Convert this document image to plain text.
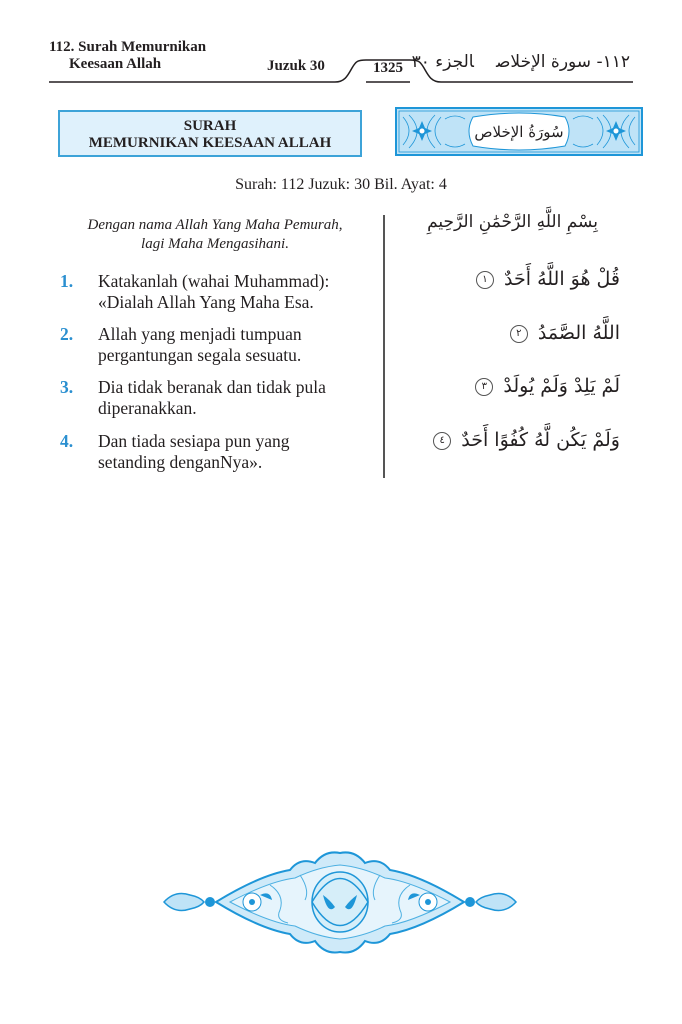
112. Surah Memurnikan

Keesaan Allah	Juzuk 30	1325	١١٢- سورة الإخلاصالجزء ٣٠
SURAH
MEMURNIKAN KEESAAN ALLAH
سُورَةُ الإخلاص
Surah: 112 Juzuk: 30 Bil. Ayat: 4
Dengan nama Allah Yang Maha Pemurah,
lagi Maha Mengasihani.
بِسْمِ اللَّهِ الرَّحْمَٰنِ الرَّحِيمِ
1. Katakanlah (wahai Muhammad):
«Dialah Allah Yang Maha Esa.
2. Allah yang menjadi tumpuan
pergantungan segala sesuatu.
3. Dia tidak beranak dan tidak pula
diperanakkan.
4. Dan tiada sesiapa pun yang
setanding denganNya».
قُلْ هُوَ اللَّهُ أَحَدٌ ١
اللَّهُ الصَّمَدُ ٢
لَمْ يَلِدْ وَلَمْ يُولَدْ ٣
وَلَمْ يَكُن لَّهُ كُفُوًا أَحَدٌ ٤
